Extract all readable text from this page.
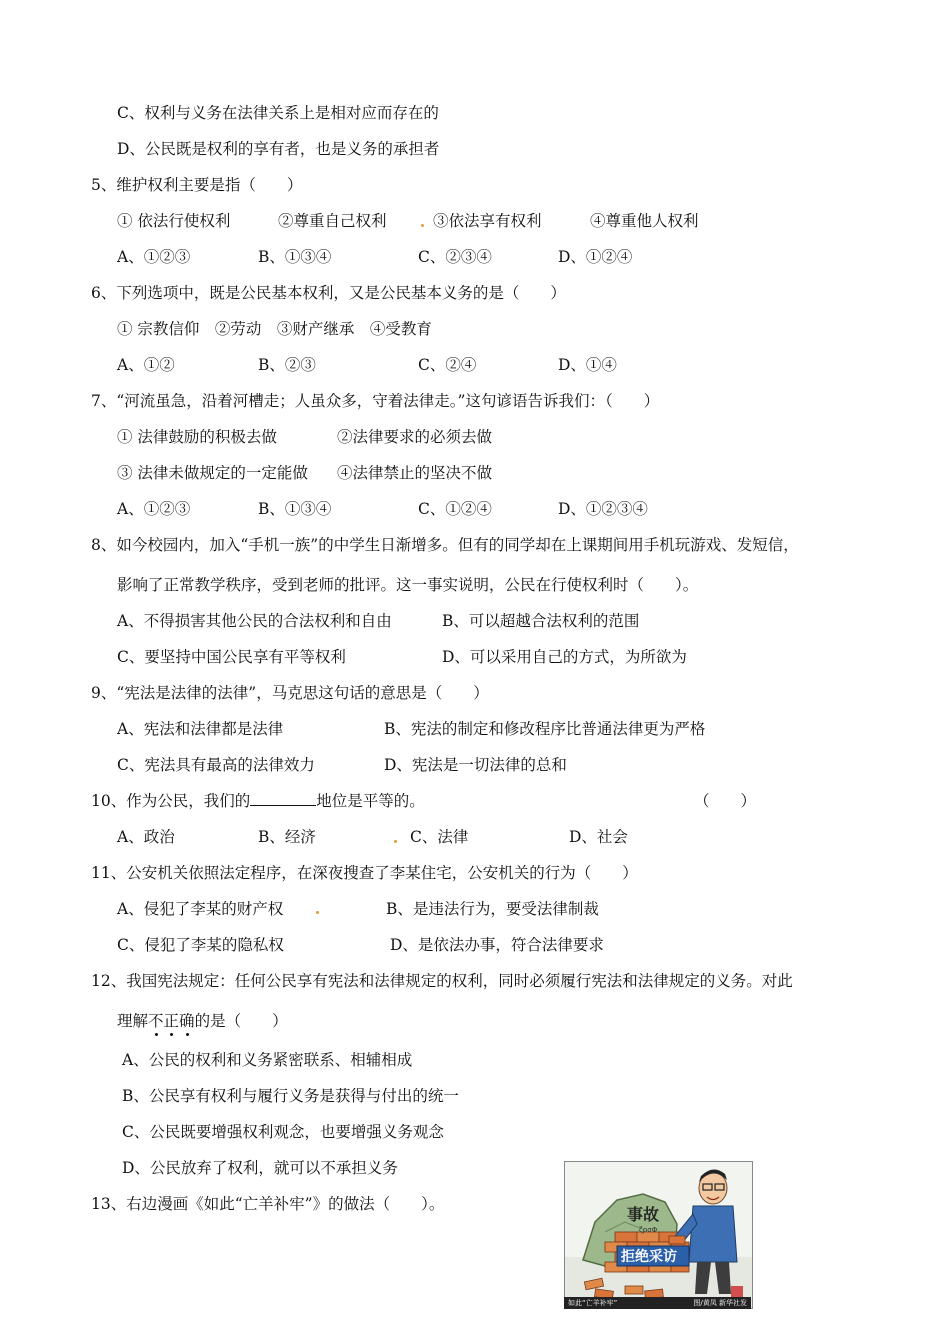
C、权利与义务在法律关系上是相对应而存在的
D、公民既是权利的享有者，也是义务的承担者
5、维护权利主要是指（　　）
① 依法行使权利	②尊重自己权利	③依法享有权利	④尊重他人权利
A、①②③	B、①③④	C、②③④	D、①②④
6、下列选项中，既是公民基本权利，又是公民基本义务的是（　　）
① 宗教信仰　②劳动　③财产继承　④受教育
A、①②	B、②③	C、②④	D、①④
7、“河流虽急，沿着河槽走；人虽众多，守着法律走。”这句谚语告诉我们：（　　）
① 法律鼓励的积极去做	②法律要求的必须去做
③ 法律未做规定的一定能做 ④法律禁止的坚决不做
A、①②③	B、①③④	C、①②④	D、①②③④
8、如今校园内，加入“手机一族”的中学生日渐增多。但有的同学却在上课期间用手机玩游戏、发短信，
影响了正常教学秩序，受到老师的批评。这一事实说明，公民在行使权利时（　　）。
A、不得损害其他公民的合法权利和自由	B、可以超越合法权利的范围
C、要坚持中国公民享有平等权利	D、可以采用自己的方式，为所欲为
9、“宪法是法律的法律”，马克思这句话的意思是（　　）
A、宪法和法律都是法律	B、宪法的制定和修改程序比普通法律更为严格
C、宪法具有最高的法律效力	D、宪法是一切法律的总和
10、作为公民，我们的	地位是平等的。	（　　）
A、政治	B、经济	C、法律	D、社会
11、公安机关依照法定程序，在深夜搜查了李某住宅，公安机关的行为（　　）
A、侵犯了李某的财产权	B、是违法行为，要受法律制裁
C、侵犯了李某的隐私权	D、是依法办事，符合法律要求
12、我国宪法规定：任何公民享有宪法和法律规定的权利，同时必须履行宪法和法律规定的义务。对此
理解不
正
确
的是（　　）
A、公民的权利和义务紧密联系、相辅相成
B、公民享有权利与履行义务是获得与付出的统一
C、公民既要增强权利观念，也要增强义务观念
D、公民放弃了权利，就可以不承担义务
13、右边漫画《如此“亡羊补牢”》的做法（　　）。
事故
ζρσΦ
拒绝采访
如此“亡羊补牢”	图/黄凤 新华社发
